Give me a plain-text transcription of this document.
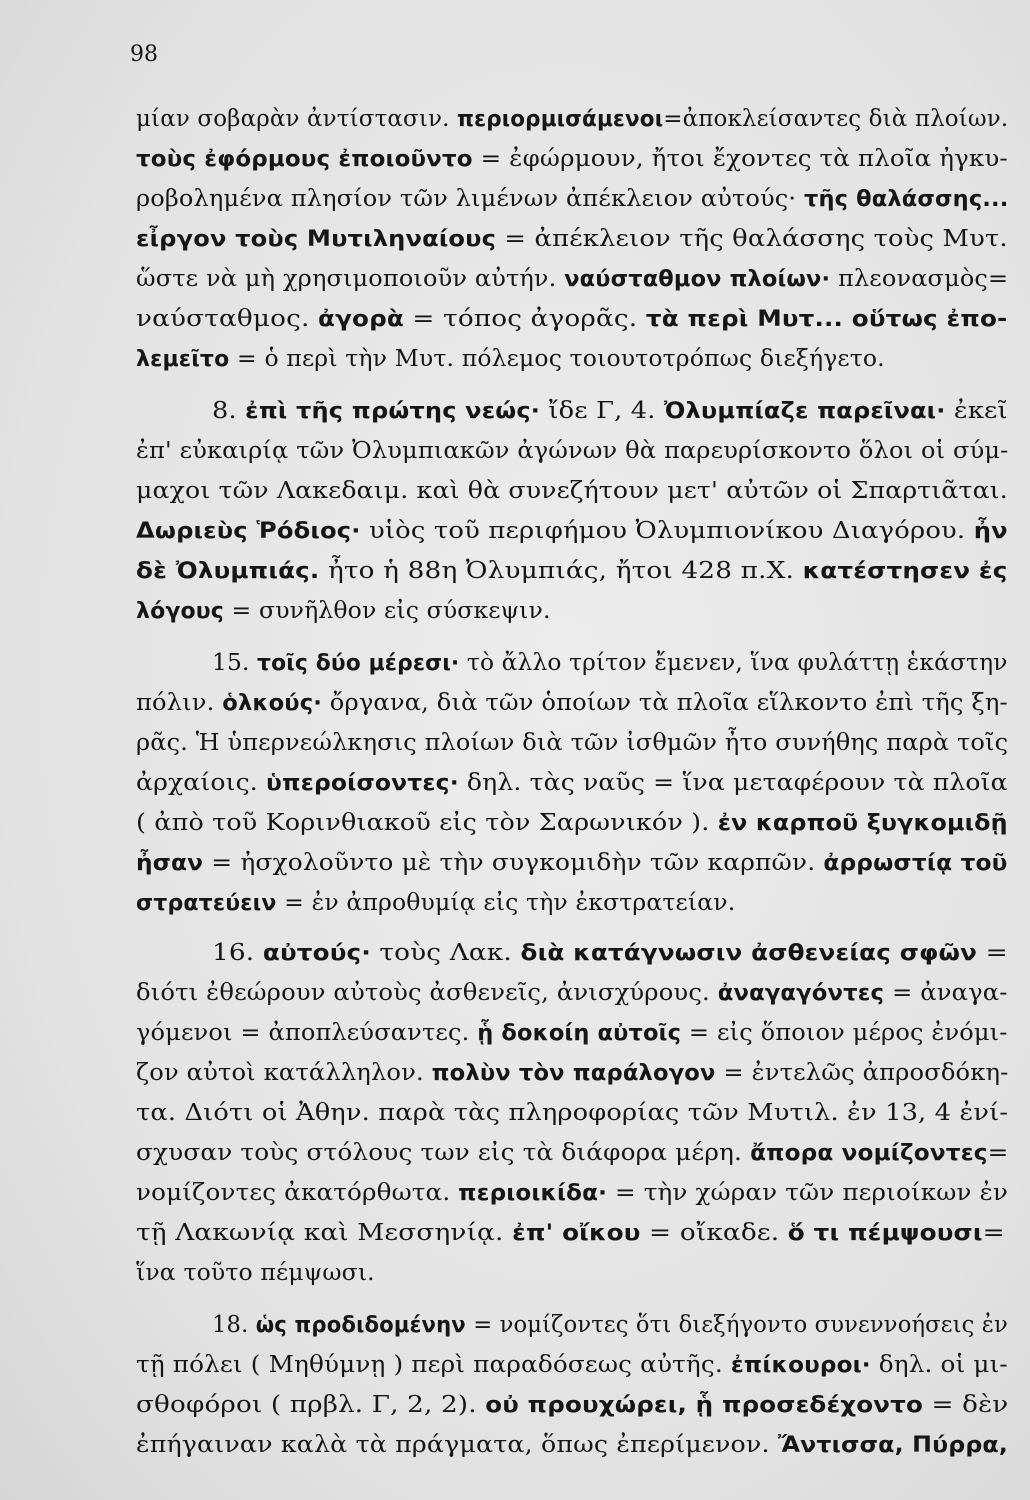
98
μίαν σοβαρὰν ἀντίστασιν. περιορμισάμενοι=ἀποκλείσαντες διὰ πλοίων.
τοὺς ἐφόρμους ἐποιοῦντο = ἐφώρμουν, ἤτοι ἔχοντες τὰ πλοῖα ἠγκυ-
ροβολημένα πλησίον τῶν λιμένων ἀπέκλειον αὐτούς· τῆς θαλάσσης...
εἶργον τοὺς Μυτιληναίους = ἀπέκλειον τῆς θαλάσσης τοὺς Μυτ.
ὥστε νὰ μὴ χρησιμοποιοῦν αὐτήν. ναύσταθμον πλοίων· πλεονασμὸς=
ναύσταθμος. ἀγορὰ = τόπος ἀγορᾶς. τὰ περὶ Μυτ... οὕτως ἐπο-
λεμεῖτο = ὁ περὶ τὴν Μυτ. πόλεμος τοιουτοτρόπως διεξήγετο.
8. ἐπὶ τῆς πρώτης νεώς· ἴδε Γ, 4. Ὀλυμπίαζε παρεῖναι· ἐκεῖ
ἐπ' εὐκαιρίᾳ τῶν Ὀλυμπιακῶν ἀγώνων θὰ παρευρίσκοντο ὅλοι οἱ σύμ-
μαχοι τῶν Λακεδαιμ. καὶ θὰ συνεζήτουν μετ' αὐτῶν οἱ Σπαρτιᾶται.
Δωριεὺς Ῥόδιος· υἱὸς τοῦ περιφήμου Ὀλυμπιονίκου Διαγόρου. ἦν
δὲ Ὀλυμπιάς. ἦτο ἡ 88η Ὀλυμπιάς, ἤτοι 428 π.Χ. κατέστησεν ἐς
λόγους = συνῆλθον εἰς σύσκεψιν.
15. τοῖς δύο μέρεσι· τὸ ἄλλο τρίτον ἔμενεν, ἵνα φυλάττῃ ἑκάστην
πόλιν. ὁλκούς· ὄργανα, διὰ τῶν ὁποίων τὰ πλοῖα εἵλκοντο ἐπὶ τῆς ξη-
ρᾶς. Ἡ ὑπερνεώλκησις πλοίων διὰ τῶν ἰσθμῶν ἦτο συνήθης παρὰ τοῖς
ἀρχαίοις. ὑπεροίσοντες· δηλ. τὰς ναῦς = ἵνα μεταφέρουν τὰ πλοῖα
( ἀπὸ τοῦ Κορινθιακοῦ εἰς τὸν Σαρωνικόν ). ἐν καρποῦ ξυγκομιδῇ
ἦσαν = ἠσχολοῦντο μὲ τὴν συγκομιδὴν τῶν καρπῶν. ἀρρωστίᾳ τοῦ
στρατεύειν = ἐν ἀπροθυμίᾳ εἰς τὴν ἐκστρατείαν.
16. αὐτούς· τοὺς Λακ. διὰ κατάγνωσιν ἀσθενείας σφῶν =
διότι ἐθεώρουν αὐτοὺς ἀσθενεῖς, ἀνισχύρους. ἀναγαγόντες = ἀναγα-
γόμενοι = ἀποπλεύσαντες. ᾗ δοκοίη αὐτοῖς = εἰς ὅποιον μέρος ἐνόμι-
ζον αὐτοὶ κατάλληλον. πολὺν τὸν παράλογον = ἐντελῶς ἀπροσδόκη-
τα. Διότι οἱ Ἀθην. παρὰ τὰς πληροφορίας τῶν Μυτιλ. ἐν 13, 4 ἐνί-
σχυσαν τοὺς στόλους των εἰς τὰ διάφορα μέρη. ἄπορα νομίζοντες=
νομίζοντες ἀκατόρθωτα. περιοικίδα· = τὴν χώραν τῶν περιοίκων ἐν
τῇ Λακωνίᾳ καὶ Μεσσηνίᾳ. ἐπ' οἴκου = οἴκαδε. ὅ τι πέμψουσι=
ἵνα τοῦτο πέμψωσι.
18. ὡς προδιδομένην = νομίζοντες ὅτι διεξήγοντο συνεννοήσεις ἐν
τῇ πόλει ( Μηθύμνῃ ) περὶ παραδόσεως αὐτῆς. ἐπίκουροι· δηλ. οἱ μι-
σθοφόροι ( πρβλ. Γ, 2, 2). οὐ προυχώρει, ᾗ προσεδέχοντο = δὲν
ἐπήγαιναν καλὰ τὰ πράγματα, ὅπως ἐπερίμενον. Ἄντισσα, Πύρρα,
